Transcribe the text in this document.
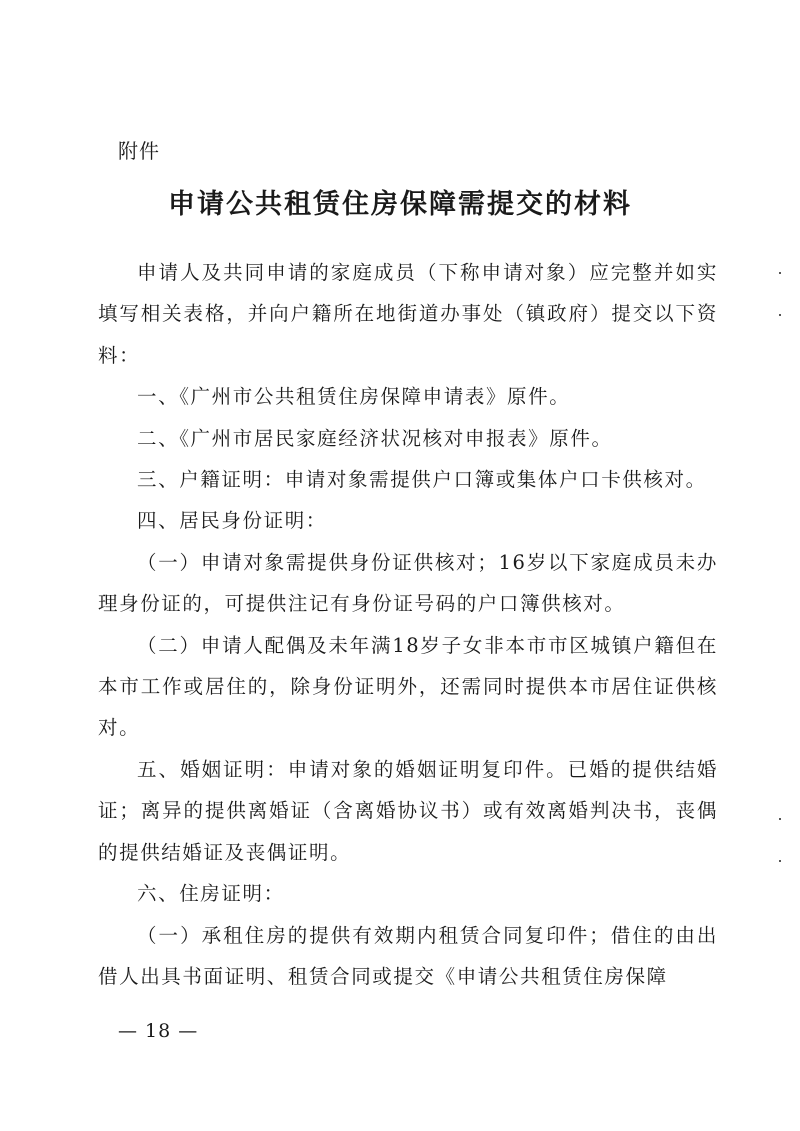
附件
申请公共租赁住房保障需提交的材料

申请人及共同申请的家庭成员（下称申请对象）应完整并如实填写相关表格，并向户籍所在地街道办事处（镇政府）提交以下资料：

一、《广州市公共租赁住房保障申请表》原件。

二、《广州市居民家庭经济状况核对申报表》原件。

三、户籍证明：申请对象需提供户口簿或集体户口卡供核对。

四、居民身份证明：

（一）申请对象需提供身份证供核对；16岁以下家庭成员未办理身份证的，可提供注记有身份证号码的户口簿供核对。

（二）申请人配偶及未年满18岁子女非本市市区城镇户籍但在本市工作或居住的，除身份证明外，还需同时提供本市居住证供核对。

五、婚姻证明：申请对象的婚姻证明复印件。已婚的提供结婚证；离异的提供离婚证（含离婚协议书）或有效离婚判决书，丧偶的提供结婚证及丧偶证明。

六、住房证明：

（一）承租住房的提供有效期内租赁合同复印件；借住的由出借人出具书面证明、租赁合同或提交《申请公共租赁住房保障

— 18 —
